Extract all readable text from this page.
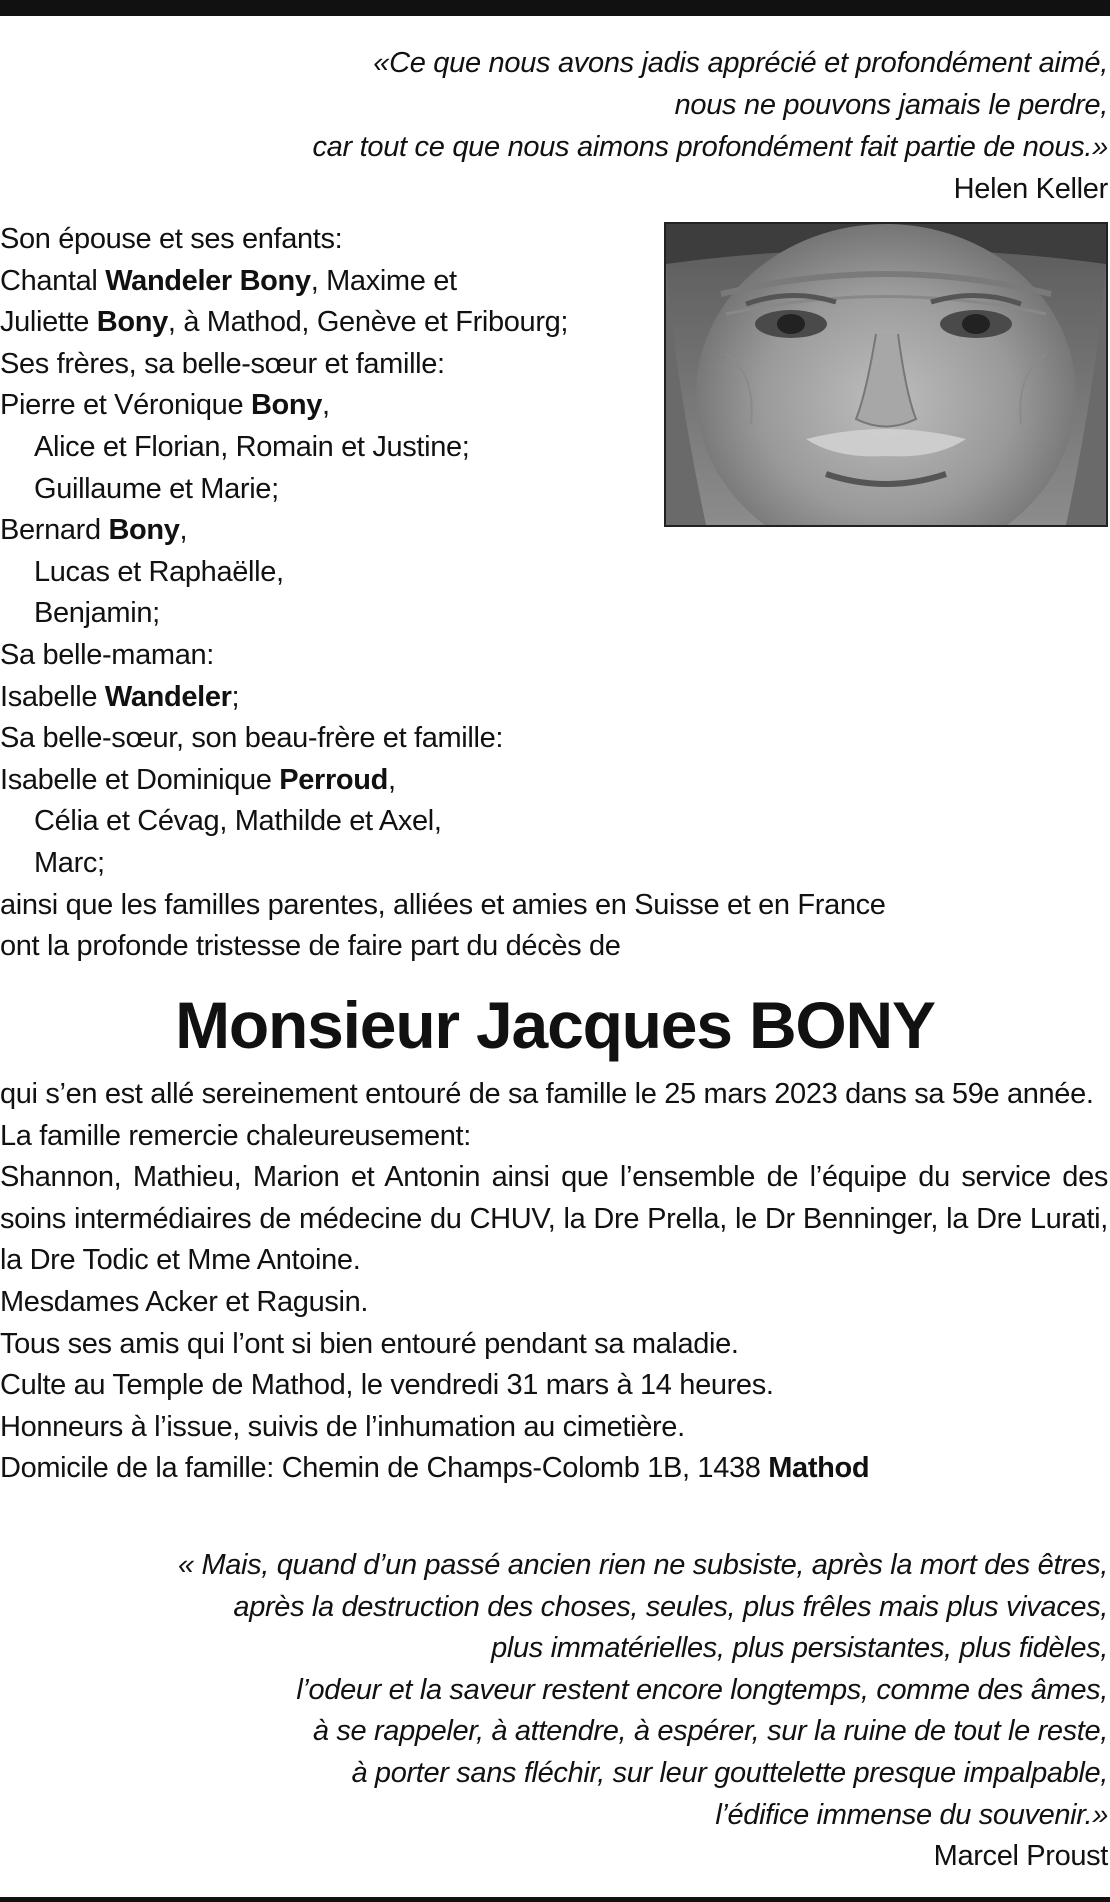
«Ce que nous avons jadis apprécié et profondément aimé,
nous ne pouvons jamais le perdre,
car tout ce que nous aimons profondément fait partie de nous.»
Helen Keller
Son épouse et ses enfants:
Chantal Wandeler Bony, Maxime et
Juliette Bony, à Mathod, Genève et Fribourg;
Ses frères, sa belle-sœur et famille:
Pierre et Véronique Bony,
Alice et Florian, Romain et Justine;
Guillaume et Marie;
Bernard Bony,
Lucas et Raphaëlle,
Benjamin;
Sa belle-maman:
Isabelle Wandeler;
Sa belle-sœur, son beau-frère et famille:
Isabelle et Dominique Perroud,
Célia et Cévag, Mathilde et Axel,
Marc;
ainsi que les familles parentes, alliées et amies en Suisse et en France
ont la profonde tristesse de faire part du décès de
Monsieur Jacques BONY
qui s’en est allé sereinement entouré de sa famille le 25 mars 2023 dans sa 59e année.
La famille remercie chaleureusement:
Shannon, Mathieu, Marion et Antonin ainsi que l’ensemble de l’équipe du service des soins intermédiaires de médecine du CHUV, la Dre Prella, le Dr Benninger, la Dre Lurati, la Dre Todic et Mme Antoine.
Mesdames Acker et Ragusin.
Tous ses amis qui l’ont si bien entouré pendant sa maladie.
Culte au Temple de Mathod, le vendredi 31 mars à 14 heures.
Honneurs à l’issue, suivis de l’inhumation au cimetière.
Domicile de la famille: Chemin de Champs-Colomb 1B, 1438 Mathod
« Mais, quand d’un passé ancien rien ne subsiste, après la mort des êtres,
après la destruction des choses, seules, plus frêles mais plus vivaces,
plus immatérielles, plus persistantes, plus fidèles,
l’odeur et la saveur restent encore longtemps, comme des âmes,
à se rappeler, à attendre, à espérer, sur la ruine de tout le reste,
à porter sans fléchir, sur leur gouttelette presque impalpable,
l’édifice immense du souvenir.»
Marcel Proust
